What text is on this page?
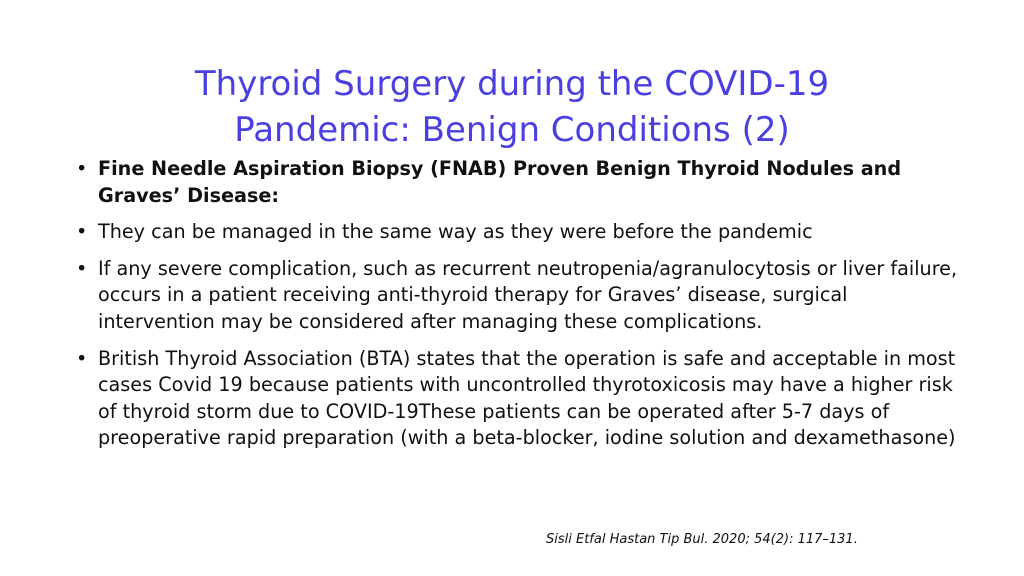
Thyroid Surgery during the COVID-19
Pandemic: Benign Conditions (2)
• Fine Needle Aspiration Biopsy (FNAB) Proven Benign Thyroid Nodules and Graves’ Disease:
• They can be managed in the same way as they were before the pandemic
• If any severe complication, such as recurrent neutropenia/agranulocytosis or liver failure, occurs in a patient receiving anti-thyroid therapy for Graves’ disease, surgical intervention may be considered after managing these complications.
• British Thyroid Association (BTA) states that the operation is safe and acceptable in most cases Covid 19 because patients with uncontrolled thyrotoxicosis may have a higher risk of thyroid storm due to COVID-19These patients can be operated after 5-7 days of preoperative rapid preparation (with a beta-blocker, iodine solution and dexamethasone)
Sisli Etfal Hastan Tip Bul. 2020; 54(2): 117–131.
